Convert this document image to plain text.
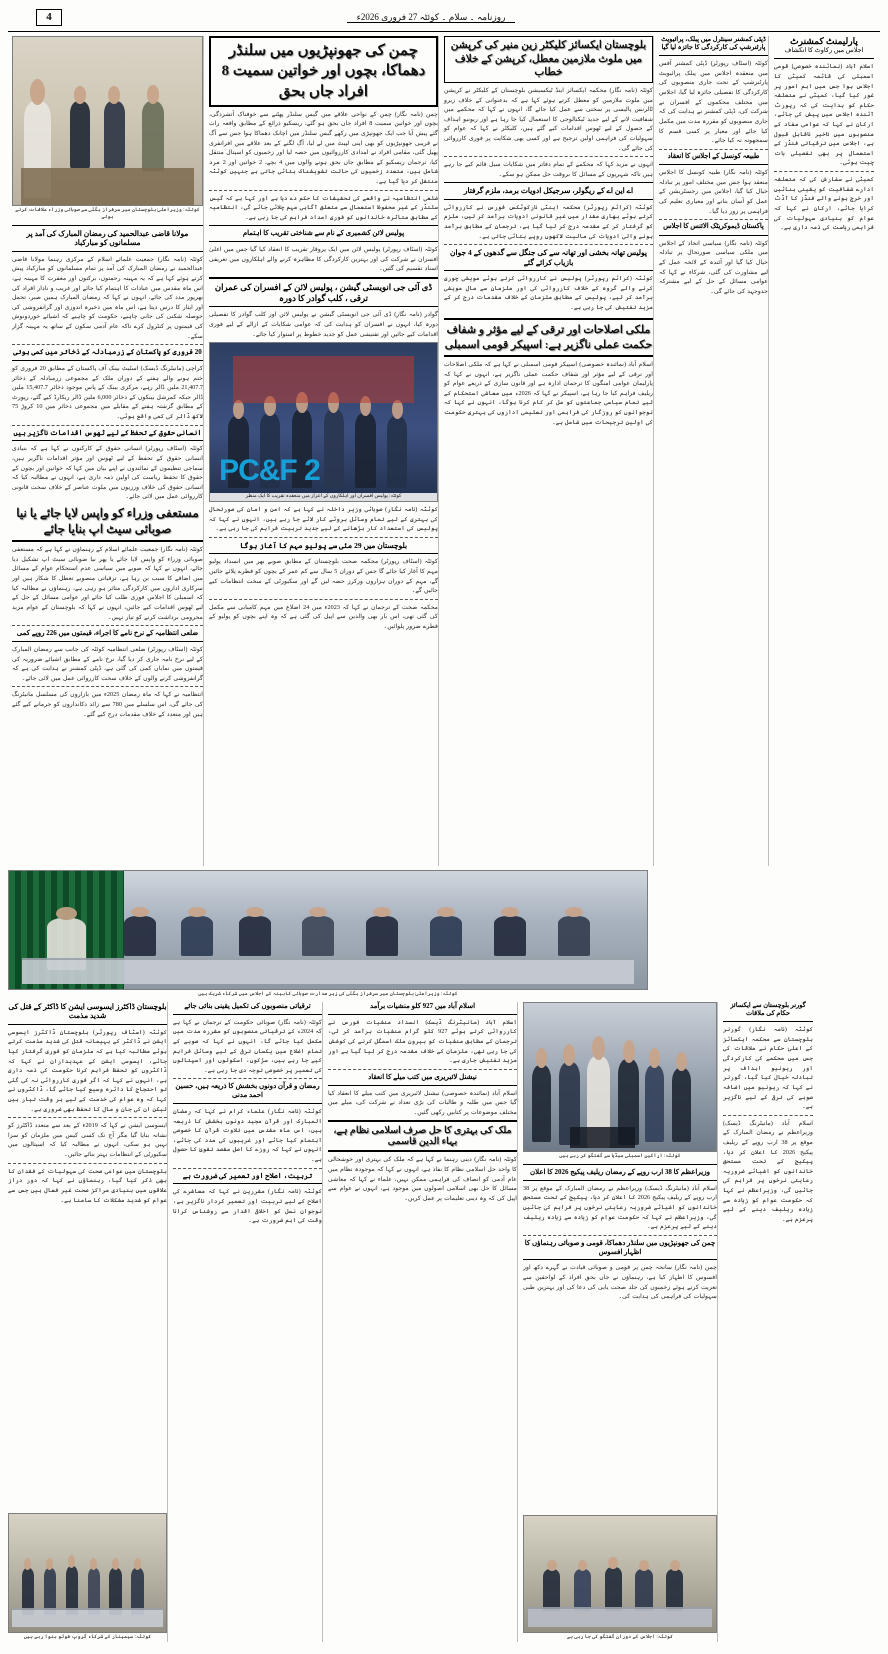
4	روزنامہ ۔ سلام ۔ کوئٹہ 27 فروری 2026ء
کوئٹہ: وزیراعلیٰ بلوچستان میر سرفراز بگٹی سے صوبائی وزراء ملاقات کرتے ہوئے
مولانا قاضی عبدالحمید کی رمضان المبارک کی آمد پر مسلمانوں کو مبارکباد
کوئٹہ (نامہ نگار) جمعیت علمائے اسلام کے مرکزی رہنما مولانا قاضی عبدالحمید نے رمضان المبارک کی آمد پر تمام مسلمانوں کو مبارکباد پیش کرتے ہوئے کہا ہے کہ یہ مہینہ رحمتوں، برکتوں اور مغفرت کا مہینہ ہے، اس ماہ مقدس میں عبادات کا اہتمام کیا جائے اور غریب و نادار افراد کی بھرپور مدد کی جائے، انہوں نے کہا کہ رمضان المبارک ہمیں صبر، تحمل اور ایثار کا درس دیتا ہے، اس ماہ میں ذخیرہ اندوزی اور گرانفروشی کی حوصلہ شکنی کی جانی چاہیے، حکومت کو چاہیے کہ اشیائے خوردونوش کی قیمتوں پر کنٹرول کرے تاکہ عام آدمی سکون کے ساتھ یہ مہینہ گزار سکے۔
20 فروری کو پاکستان کے زرمبادلہ کے ذخائر میں کمی ہوئی
کراچی (مانیٹرنگ ڈیسک) اسٹیٹ بینک آف پاکستان کے مطابق 20 فروری کو ختم ہونے والے ہفتے کے دوران ملک کے مجموعی زرمبادلہ کے ذخائر 21,407.7 ملین ڈالر رہے، مرکزی بینک کے پاس موجود ذخائر 15,407.7 ملین ڈالر جبکہ کمرشل بینکوں کے ذخائر 6,000 ملین ڈالر ریکارڈ کیے گئے، رپورٹ کے مطابق گزشتہ ہفتے کے مقابلے میں مجموعی ذخائر میں 10 کروڑ 75 لاکھ ڈالر کی کمی واقع ہوئی۔
انسانی حقوق کے تحفظ کے لیے ٹھوس اقدامات ناگزیر ہیں
کوئٹہ (اسٹاف رپورٹر) انسانی حقوق کے کارکنوں نے کہا ہے کہ بنیادی انسانی حقوق کے تحفظ کے لیے ٹھوس اور مؤثر اقدامات ناگزیر ہیں، سماجی تنظیموں کے نمائندوں نے اپنے بیان میں کہا کہ خواتین اور بچوں کے حقوق کا تحفظ ریاست کی اولین ذمہ داری ہے، انہوں نے مطالبہ کیا کہ انسانی حقوق کی خلاف ورزیوں میں ملوث عناصر کے خلاف سخت قانونی کارروائی عمل میں لائی جائے۔
مستعفی وزراء کو واپس لایا جائے یا نیا صوبائی سیٹ اپ بنایا جائے
کوئٹہ (نامہ نگار) جمعیت علمائے اسلام کے رہنماؤں نے کہا ہے کہ مستعفی صوبائی وزراء کو واپس لایا جائے یا پھر نیا صوبائی سیٹ اپ تشکیل دیا جائے، انہوں نے کہا کہ صوبے میں سیاسی عدم استحکام عوام کے مسائل میں اضافے کا سبب بن رہا ہے، ترقیاتی منصوبے تعطل کا شکار ہیں اور سرکاری اداروں میں کارکردگی متاثر ہو رہی ہے، رہنماؤں نے مطالبہ کیا کہ اسمبلی کا اجلاس فوری طلب کیا جائے اور عوامی مسائل کے حل کے لیے ٹھوس اقدامات کیے جائیں، انہوں نے کہا کہ بلوچستان کے عوام مزید محرومی برداشت کرنے کو تیار نہیں۔
ضلعی انتظامیہ کے نرخ نامے کا اجراء، قیمتوں میں 226 روپے کمی
کوئٹہ (اسٹاف رپورٹر) ضلعی انتظامیہ کوئٹہ کی جانب سے رمضان المبارک کے لیے نرخ نامہ جاری کر دیا گیا، نرخ نامے کے مطابق اشیائے ضروریہ کی قیمتوں میں نمایاں کمی کی گئی ہے، ڈپٹی کمشنر نے ہدایت کی ہے کہ گرانفروشی کرنے والوں کے خلاف سخت کارروائی عمل میں لائی جائے۔
انتظامیہ نے کہا کہ ماہ رمضان 2025ء میں بازاروں کی مسلسل مانیٹرنگ کی جائے گی، اس سلسلے میں 780 سے زائد دکانداروں کو جرمانے کیے گئے ہیں اور متعدد کے خلاف مقدمات درج کیے گئے۔
چمن کی جھونپڑیوں میں سلنڈر دھماکا، بچوں اور خواتین سمیت 8 افراد جاں بحق
چمن (نامہ نگار) چمن کے نواحی علاقے میں گیس سلنڈر پھٹنے سے خوفناک آتشزدگی، بچوں اور خواتین سمیت 8 افراد جاں بحق ہو گئے، ریسکیو ذرائع کے مطابق واقعہ رات گئے پیش آیا جب ایک جھونپڑی میں رکھے گیس سلنڈر میں اچانک دھماکا ہوا جس سے آگ نے قریبی جھونپڑیوں کو بھی اپنی لپیٹ میں لے لیا، آگ لگنے کے بعد علاقے میں افراتفری پھیل گئی، مقامی افراد نے امدادی کارروائیوں میں حصہ لیا اور زخمیوں کو اسپتال منتقل کیا، ترجمان ریسکیو کے مطابق جاں بحق ہونے والوں میں 4 بچے، 2 خواتین اور 2 مرد شامل ہیں، متعدد زخمیوں کی حالت تشویشناک بتائی جاتی ہے جنہیں کوئٹہ منتقل کر دیا گیا ہے۔
ضلعی انتظامیہ نے واقعے کی تحقیقات کا حکم دے دیا ہے اور کہا ہے کہ گیس سلنڈر کے غیر محفوظ استعمال سے متعلق آگاہی مہم چلائی جائے گی، انتظامیہ کے مطابق متاثرہ خاندانوں کو فوری امداد فراہم کی جا رہی ہے۔
پولیس لائن کشمیری کے نام سے شناختی تقریب کا اہتمام
کوئٹہ (اسٹاف رپورٹر) پولیس لائن میں ایک پروقار تقریب کا انعقاد کیا گیا جس میں اعلیٰ افسران نے شرکت کی اور بہترین کارکردگی کا مظاہرہ کرنے والے اہلکاروں میں تعریفی اسناد تقسیم کی گئیں۔
ڈی آئی جی انویسٹی گیشن ، پولیس لائن کے افسران کی عمران ترقی ، کلب گوادر کا دورہ
گوادر (نامہ نگار) ڈی آئی جی انویسٹی گیشن نے پولیس لائن اور کلب گوادر کا تفصیلی دورہ کیا، انہوں نے افسران کو ہدایت کی کہ عوامی شکایات کے ازالے کے لیے فوری اقدامات کیے جائیں اور تفتیشی عمل کو جدید خطوط پر استوار کیا جائے۔
PC&F 2
کوئٹہ: پولیس افسران اور اہلکاروں کے اعزاز میں منعقدہ تقریب کا ایک منظر
کوئٹہ (نامہ نگار) صوبائی وزیر داخلہ نے کہا ہے کہ امن و امان کی صورتحال کی بہتری کے لیے تمام وسائل بروئے کار لائے جا رہے ہیں، انہوں نے کہا کہ پولیس کی استعداد کار بڑھانے کے لیے جدید تربیت فراہم کی جا رہی ہے۔
بلوچستان میں 29 مئی سے پولیو مہم کا آغاز ہوگا
کوئٹہ (اسٹاف رپورٹر) محکمہ صحت بلوچستان کے مطابق صوبے بھر میں انسداد پولیو مہم کا آغاز کیا جائے گا جس کے دوران 5 سال سے کم عمر کے بچوں کو قطرے پلائے جائیں گے، مہم کے دوران ہزاروں ورکرز حصہ لیں گے اور سکیورٹی کے سخت انتظامات کیے جائیں گے۔
محکمہ صحت کے ترجمان نے کہا کہ 2023ء میں 24 اضلاع میں مہم کامیابی سے مکمل کی گئی تھی، اس بار بھی والدین سے اپیل کی گئی ہے کہ وہ اپنے بچوں کو پولیو کے قطرے ضرور پلوائیں۔
بلوچستان ایکسائز کلیکٹر زین منیر کی کرپشن میں ملوث ملازمین معطل، کرپشن کے خلاف خطاب
کوئٹہ (نامہ نگار) محکمہ ایکسائز اینڈ ٹیکسیشن بلوچستان کے کلیکٹر نے کرپشن میں ملوث ملازمین کو معطل کرتے ہوئے کہا ہے کہ بدعنوانی کے خلاف زیرو ٹالرنس پالیسی پر سختی سے عمل کیا جائے گا، انہوں نے کہا کہ محکمے میں شفافیت لانے کے لیے جدید ٹیکنالوجی کا استعمال کیا جا رہا ہے اور ریونیو اہداف کے حصول کے لیے ٹھوس اقدامات کیے گئے ہیں، کلیکٹر نے کہا کہ عوام کو سہولیات کی فراہمی اولین ترجیح ہے اور کسی بھی شکایت پر فوری کارروائی کی جائے گی۔
انہوں نے مزید کہا کہ محکمے کے تمام دفاتر میں شکایات سیل قائم کیے جا رہے ہیں تاکہ شہریوں کے مسائل کا بروقت حل ممکن ہو سکے۔
اے این اے کے ریگولر، سرجیکل ادویات برمد، ملزم گرفتار
کوئٹہ (کرائم رپورٹر) محکمہ اینٹی نارکوٹکس فورس نے کارروائی کرتے ہوئے بھاری مقدار میں غیر قانونی ادویات برآمد کر لیں، ملزم کو گرفتار کر کے مقدمہ درج کر لیا گیا ہے، ترجمان کے مطابق برآمد ہونے والی ادویات کی مالیت لاکھوں روپے بتائی جاتی ہے۔
پولیس تھانہ بخشی اور تھانہ سے کی جنگل سے گدھوں کے 4 جوان بازیاب کرائے گئے
کوئٹہ (کرائم رپورٹر) پولیس نے کارروائی کرتے ہوئے مویشی چوری کرنے والے گروہ کے خلاف کارروائی کی اور ملزمان سے مال مویشی برآمد کر لیے، پولیس کے مطابق ملزمان کے خلاف مقدمات درج کر کے مزید تفتیش کی جا رہی ہے۔
ملکی اصلاحات اور ترقی کے لیے مؤثر و شفاف حکمت عملی ناگزیر ہے: اسپیکر قومی اسمبلی
اسلام آباد (نمائندہ خصوصی) اسپیکر قومی اسمبلی نے کہا ہے کہ ملکی اصلاحات اور ترقی کے لیے مؤثر اور شفاف حکمت عملی ناگزیر ہے، انہوں نے کہا کہ پارلیمان عوامی امنگوں کا ترجمان ادارہ ہے اور قانون سازی کے ذریعے عوام کو ریلیف فراہم کیا جا رہا ہے، اسپیکر نے کہا کہ 2026ء میں معاشی استحکام کے لیے تمام سیاسی جماعتوں کو مل کر کام کرنا ہوگا، انہوں نے کہا کہ نوجوانوں کو روزگار کی فراہمی اور تعلیمی اداروں کی بہتری حکومت کی اولین ترجیحات میں شامل ہے۔
ڈپٹی کمشنر سینٹرل میں پبلک، پرائیویٹ پارٹنرشپ کی کارکردگی کا جائزہ لیا گیا
کوئٹہ (اسٹاف رپورٹر) ڈپٹی کمشنر آفس میں منعقدہ اجلاس میں پبلک پرائیویٹ پارٹنرشپ کے تحت جاری منصوبوں کی کارکردگی کا تفصیلی جائزہ لیا گیا، اجلاس میں مختلف محکموں کے افسران نے شرکت کی، ڈپٹی کمشنر نے ہدایت کی کہ جاری منصوبوں کو مقررہ مدت میں مکمل کیا جائے اور معیار پر کسی قسم کا سمجھوتہ نہ کیا جائے۔
طبیعہ کونسل کے اجلاس کا انعقاد
کوئٹہ (نامہ نگار) طبیہ کونسل کا اجلاس منعقد ہوا جس میں مختلف امور پر تبادلہ خیال کیا گیا، اجلاس میں رجسٹریشن کے عمل کو آسان بنانے اور معیاری تعلیم کی فراہمی پر زور دیا گیا۔
پاکستان ڈیموکریٹک الائنس کا اجلاس
کوئٹہ (نامہ نگار) سیاسی اتحاد کے اجلاس میں ملکی سیاسی صورتحال پر تبادلہ خیال کیا گیا اور آئندہ کے لائحہ عمل کے لیے مشاورت کی گئی، شرکاء نے کہا کہ عوامی مسائل کے حل کے لیے مشترکہ جدوجہد کی جائے گی۔
پارلیمنٹ کمشنرٹ
اجلاس میں رکاوٹ کا انکشاف
اسلام آباد (نمائندہ خصوصی) قومی اسمبلی کی قائمہ کمیٹی کا اجلاس ہوا جس میں اہم امور پر غور کیا گیا، کمیٹی نے متعلقہ حکام کو ہدایت کی کہ رپورٹ آئندہ اجلاس میں پیش کی جائے، ارکان نے کہا کہ عوامی مفاد کے منصوبوں میں تاخیر ناقابل قبول ہے، اجلاس میں ترقیاتی فنڈز کے استعمال پر بھی تفصیلی بات چیت ہوئی۔
کمیٹی نے سفارش کی کہ متعلقہ ادارے شفافیت کو یقینی بنائیں اور خرچ ہونے والے فنڈز کا آڈٹ کرایا جائے، ارکان نے کہا کہ عوام کو بنیادی سہولیات کی فراہمی ریاست کی ذمہ داری ہے۔
کوئٹہ: وزیراعلیٰ بلوچستان میر سرفراز بگٹی کی زیر صدارت صوبائی کابینہ کے اجلاس میں شرکاء شریک ہیں
بلوچستان ڈاکٹرز ایسوسی ایشن کا ڈاکٹر کے قتل کی شدید مذمت
کوئٹہ (اسٹاف رپورٹر) بلوچستان ڈاکٹرز ایسوسی ایشن نے ڈاکٹر کے بہیمانہ قتل کی شدید مذمت کرتے ہوئے مطالبہ کیا ہے کہ ملزمان کو فوری گرفتار کیا جائے، ایسوسی ایشن کے عہدیداران نے کہا کہ ڈاکٹروں کو تحفظ فراہم کرنا حکومت کی ذمہ داری ہے، انہوں نے کہا کہ اگر فوری کارروائی نہ کی گئی تو احتجاج کا دائرہ وسیع کیا جائے گا، ڈاکٹروں نے کہا کہ وہ عوام کی خدمت کے لیے ہر وقت تیار ہیں لیکن ان کی جان و مال کا تحفظ بھی ضروری ہے۔
ایسوسی ایشن نے کہا کہ 2019ء کے بعد سے متعدد ڈاکٹرز کو نشانہ بنایا گیا مگر آج تک کسی کیس میں ملزمان کو سزا نہیں ہو سکی، انہوں نے مطالبہ کیا کہ اسپتالوں میں سکیورٹی کے انتظامات بہتر بنائے جائیں۔
بلوچستان میں عوامی صحت کی سہولیات کے فقدان کا بھی ذکر کیا گیا، رہنماؤں نے کہا کہ دور دراز علاقوں میں بنیادی مراکز صحت غیر فعال ہیں جس سے عوام کو شدید مشکلات کا سامنا ہے۔
کوئٹہ: سیمینار کے شرکاء گروپ فوٹو بنوا رہے ہیں
ترقیاتی منصوبوں کی تکمیل یقینی بنائی جائے
کوئٹہ (نامہ نگار) صوبائی حکومت کے ترجمان نے کہا ہے کہ 2024ء کے ترقیاتی منصوبوں کو مقررہ مدت میں مکمل کیا جائے گا، انہوں نے کہا کہ صوبے کے تمام اضلاع میں یکساں ترقی کے لیے وسائل فراہم کیے جا رہے ہیں، سڑکوں، اسکولوں اور اسپتالوں کی تعمیر پر خصوصی توجہ دی جا رہی ہے۔
رمضان و قرآن دونوں بخشش کا ذریعہ ہیں، حسین احمد مدنی
کوئٹہ (نامہ نگار) علماء کرام نے کہا کہ رمضان المبارک اور قرآن مجید دونوں بخشش کا ذریعہ ہیں، اس ماہ مقدس میں تلاوت قرآن کا خصوصی اہتمام کیا جائے اور غریبوں کی مدد کی جائے، انہوں نے کہا کہ روزے کا اصل مقصد تقویٰ کا حصول ہے۔
تربیت، اصلاح اور تعمیر کی ضرورت ہے
کوئٹہ (نامہ نگار) مقررین نے کہا کہ معاشرے کی اصلاح کے لیے تربیت اور تعمیر کردار ناگزیر ہے، نوجوان نسل کو اخلاقی اقدار سے روشناس کرانا وقت کی اہم ضرورت ہے۔
اسلام آباد میں 927 کلو منشیات برآمد
اسلام آباد (مانیٹرنگ ڈیسک) انسداد منشیات فورس نے کارروائی کرتے ہوئے 927 کلو گرام منشیات برآمد کر لی، ترجمان کے مطابق منشیات کو بیرون ملک اسمگل کرنے کی کوشش کی جا رہی تھی، ملزمان کے خلاف مقدمہ درج کر لیا گیا ہے اور مزید تفتیش جاری ہے۔
نیشنل لائبریری میں کتب میلے کا انعقاد
اسلام آباد (نمائندہ خصوصی) نیشنل لائبریری میں کتب میلے کا انعقاد کیا گیا جس میں طلبہ و طالبات کی بڑی تعداد نے شرکت کی، میلے میں مختلف موضوعات پر کتابیں رکھی گئیں۔
ملک کی بہتری کا حل صرف اسلامی نظام ہے، بہاء الدین قاسمی
کوئٹہ (نامہ نگار) دینی رہنما نے کہا ہے کہ ملک کی بہتری اور خوشحالی کا واحد حل اسلامی نظام کا نفاذ ہے، انہوں نے کہا کہ موجودہ نظام میں عام آدمی کو انصاف کی فراہمی ممکن نہیں، علماء نے کہا کہ معاشی مسائل کا حل بھی اسلامی اصولوں میں موجود ہے، انہوں نے عوام سے اپیل کی کہ وہ دینی تعلیمات پر عمل کریں۔
کوئٹہ: اراکین اسمبلی میڈیا سے گفتگو کر رہے ہیں
وزیراعظم کا 38 ارب روپے کے رمضان ریلیف پیکیج 2026 کا اعلان
اسلام آباد (مانیٹرنگ ڈیسک) وزیراعظم نے رمضان المبارک کے موقع پر 38 ارب روپے کے ریلیف پیکیج 2026 کا اعلان کر دیا، پیکیج کے تحت مستحق خاندانوں کو اشیائے ضروریہ رعایتی نرخوں پر فراہم کی جائیں گی، وزیراعظم نے کہا کہ حکومت عوام کو زیادہ سے زیادہ ریلیف دینے کے لیے پرعزم ہے۔
چمن کی جھونپڑیوں میں سلنڈر دھماکا، قومی و صوبائی رہنماؤں کا اظہار افسوس
چمن (نامہ نگار) سانحہ چمن پر قومی و صوبائی قیادت نے گہرے دکھ اور افسوس کا اظہار کیا ہے، رہنماؤں نے جاں بحق افراد کے لواحقین سے تعزیت کرتے ہوئے زخمیوں کی جلد صحت یابی کی دعا کی اور بہترین طبی سہولیات کی فراہمی کی ہدایت کی۔
کوئٹہ: اجلاس کے دوران گفتگو کی جا رہی ہے
گورنر بلوچستان سے ایکسائز حکام کی ملاقات
کوئٹہ (نامہ نگار) گورنر بلوچستان سے محکمہ ایکسائز کے اعلیٰ حکام نے ملاقات کی جس میں محکمے کی کارکردگی اور ریونیو اہداف پر تبادلہ خیال کیا گیا، گورنر نے کہا کہ ریونیو میں اضافہ صوبے کی ترقی کے لیے ناگزیر ہے۔
اسلام آباد (مانیٹرنگ ڈیسک) وزیراعظم نے رمضان المبارک کے موقع پر 38 ارب روپے کے ریلیف پیکیج 2026 کا اعلان کر دیا، پیکیج کے تحت مستحق خاندانوں کو اشیائے ضروریہ رعایتی نرخوں پر فراہم کی جائیں گی، وزیراعظم نے کہا کہ حکومت عوام کو زیادہ سے زیادہ ریلیف دینے کے لیے پرعزم ہے۔
